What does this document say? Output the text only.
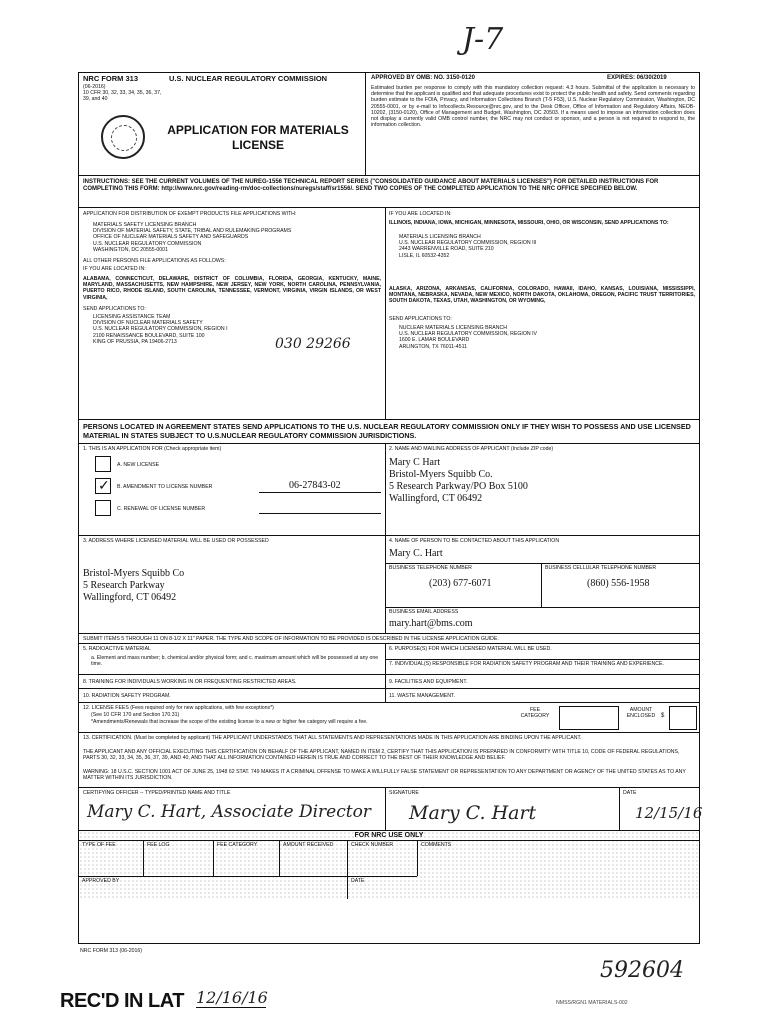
J-7
NRC FORM 313	U.S. NUCLEAR REGULATORY COMMISSION
(06-2016)
10 CFR 30, 32, 33, 34, 35, 36, 37, 39, and 40
APPLICATION FOR MATERIALS LICENSE
APPROVED BY OMB: NO. 3150-0120	EXPIRES: 06/30/2019
Estimated burden per response to comply with this mandatory collection request: 4.3 hours. Submittal of the application is necessary to determine that the applicant is qualified and that adequate procedures exist to protect the public health and safety. Send comments regarding burden estimate to the FOIA, Privacy, and Information Collections Branch (T-5 F53), U.S. Nuclear Regulatory Commission, Washington, DC 20555-0001, or by e-mail to Infocollects.Resource@nrc.gov, and to the Desk Officer, Office of Information and Regulatory Affairs, NEOB-10202, (3150-0120), Office of Management and Budget, Washington, DC 20503. If a means used to impose an information collection does not display a currently valid OMB control number, the NRC may not conduct or sponsor, and a person is not required to respond to, the information collection.
INSTRUCTIONS: SEE THE CURRENT VOLUMES OF THE NUREG-1556 TECHNICAL REPORT SERIES ("CONSOLIDATED GUIDANCE ABOUT MATERIALS LICENSES") FOR DETAILED INSTRUCTIONS FOR COMPLETING THIS FORM: http://www.nrc.gov/reading-rm/doc-collections/nuregs/staff/sr1556/. SEND TWO COPIES OF THE COMPLETED APPLICATION TO THE NRC OFFICE SPECIFIED BELOW.
APPLICATION FOR DISTRIBUTION OF EXEMPT PRODUCTS FILE APPLICATIONS WITH:
MATERIALS SAFETY LICENSING BRANCH
DIVISION OF MATERIAL SAFETY, STATE, TRIBAL AND RULEMAKING PROGRAMS
OFFICE OF NUCLEAR MATERIALS SAFETY AND SAFEGUARDS
U.S. NUCLEAR REGULATORY COMMISSION
WASHINGTON, DC 20555-0001
ALL OTHER PERSONS FILE APPLICATIONS AS FOLLOWS:
IF YOU ARE LOCATED IN:
ALABAMA, CONNECTICUT, DELAWARE, DISTRICT OF COLUMBIA, FLORIDA, GEORGIA, KENTUCKY, MAINE, MARYLAND, MASSACHUSETTS, NEW HAMPSHIRE, NEW JERSEY, NEW YORK, NORTH CAROLINA, PENNSYLVANIA, PUERTO RICO, RHODE ISLAND, SOUTH CAROLINA, TENNESSEE, VERMONT, VIRGINIA, VIRGIN ISLANDS, OR WEST VIRGINIA,
SEND APPLICATIONS TO:
LICENSING ASSISTANCE TEAM
DIVISION OF NUCLEAR MATERIALS SAFETY
U.S. NUCLEAR REGULATORY COMMISSION, REGION I
2100 RENAISSANCE BOULEVARD, SUITE 100
KING OF PRUSSIA, PA 19406-2713	030 29266
IF YOU ARE LOCATED IN:
ILLINOIS, INDIANA, IOWA, MICHIGAN, MINNESOTA, MISSOURI, OHIO, OR WISCONSIN, SEND APPLICATIONS TO:
MATERIALS LICENSING BRANCH
U.S. NUCLEAR REGULATORY COMMISSION, REGION III
2443 WARRENVILLE ROAD, SUITE 210
LISLE, IL 60532-4352
ALASKA, ARIZONA, ARKANSAS, CALIFORNIA, COLORADO, HAWAII, IDAHO, KANSAS, LOUISIANA, MISSISSIPPI, MONTANA, NEBRASKA, NEVADA, NEW MEXICO, NORTH DAKOTA, OKLAHOMA, OREGON, PACIFIC TRUST TERRITORIES, SOUTH DAKOTA, TEXAS, UTAH, WASHINGTON, OR WYOMING,
SEND APPLICATIONS TO:
NUCLEAR MATERIALS LICENSING BRANCH
U.S. NUCLEAR REGULATORY COMMISSION, REGION IV
1600 E. LAMAR BOULEVARD
ARLINGTON, TX 76011-4511
PERSONS LOCATED IN AGREEMENT STATES SEND APPLICATIONS TO THE U.S. NUCLEAR REGULATORY COMMISSION ONLY IF THEY WISH TO POSSESS AND USE LICENSED MATERIAL IN STATES SUBJECT TO U.S.NUCLEAR REGULATORY COMMISSION JURISDICTIONS.
1. THIS IS AN APPLICATION FOR (Check appropriate item)
A. NEW LICENSE
✓ B. AMENDMENT TO LICENSE NUMBER	06-27843-02
C. RENEWAL OF LICENSE NUMBER
2. NAME AND MAILING ADDRESS OF APPLICANT (Include ZIP code)
Mary C Hart
Bristol-Myers Squibb Co.
5 Research Parkway/PO Box 5100
Wallingford, CT 06492
3. ADDRESS WHERE LICENSED MATERIAL WILL BE USED OR POSSESSED
Bristol-Myers Squibb Co
5 Research Parkway
Wallingford, CT 06492
4. NAME OF PERSON TO BE CONTACTED ABOUT THIS APPLICATION
Mary C. Hart
BUSINESS TELEPHONE NUMBER
(203) 677-6071
BUSINESS CELLULAR TELEPHONE NUMBER
(860) 556-1958
BUSINESS EMAIL ADDRESS
mary.hart@bms.com
SUBMIT ITEMS 5 THROUGH 11 ON 8-1/2 X 11" PAPER. THE TYPE AND SCOPE OF INFORMATION TO BE PROVIDED IS DESCRIBED IN THE LICENSE APPLICATION GUIDE.
5. RADIOACTIVE MATERIAL
a. Element and mass number; b. chemical and/or physical form; and c. maximum amount which will be possessed at any one time.
6. PURPOSE(S) FOR WHICH LICENSED MATERIAL WILL BE USED.
7. INDIVIDUAL(S) RESPONSIBLE FOR RADIATION SAFETY PROGRAM AND THEIR TRAINING AND EXPERIENCE.
8. TRAINING FOR INDIVIDUALS WORKING IN OR FREQUENTING RESTRICTED AREAS.	9. FACILITIES AND EQUIPMENT.
10. RADIATION SAFETY PROGRAM.	11. WASTE MANAGEMENT.
12. LICENSE FEES (Fees required only for new applications, with few exceptions*)
(See 10 CFR 170 and Section 170.31)
*Amendments/Renewals that increase the scope of the existing license to a new or higher fee category will require a fee.
FEE CATEGORY
AMOUNT ENCLOSED $
13. CERTIFICATION. (Must be completed by applicant) THE APPLICANT UNDERSTANDS THAT ALL STATEMENTS AND REPRESENTATIONS MADE IN THIS APPLICATION ARE BINDING UPON THE APPLICANT.
THE APPLICANT AND ANY OFFICIAL EXECUTING THIS CERTIFICATION ON BEHALF OF THE APPLICANT, NAMED IN ITEM 2, CERTIFY THAT THIS APPLICATION IS PREPARED IN CONFORMITY WITH TITLE 10, CODE OF FEDERAL REGULATIONS, PARTS 30, 32, 33, 34, 35, 36, 37, 39, AND 40, AND THAT ALL INFORMATION CONTAINED HEREIN IS TRUE AND CORRECT TO THE BEST OF THEIR KNOWLEDGE AND BELIEF.
WARNING: 18 U.S.C. SECTION 1001 ACT OF JUNE 25, 1948 62 STAT. 749 MAKES IT A CRIMINAL OFFENSE TO MAKE A WILLFULLY FALSE STATEMENT OR REPRESENTATION TO ANY DEPARTMENT OR AGENCY OF THE UNITED STATES AS TO ANY MATTER WITHIN ITS JURISDICTION.
CERTIFYING OFFICER -- TYPED/PRINTED NAME AND TITLE
Mary C. Hart, Associate Director
SIGNATURE
Mary C. Hart
DATE
12/15/16
FOR NRC USE ONLY
TYPE OF FEE	FEE LOG	FEE CATEGORY	AMOUNT RECEIVED	CHECK NUMBER	COMMENTS
APPROVED BY	DATE
NRC FORM 313 (06-2016)
592604
REC'D IN LAT 12/16/16	NMSS/RGN1 MATERIALS-002
